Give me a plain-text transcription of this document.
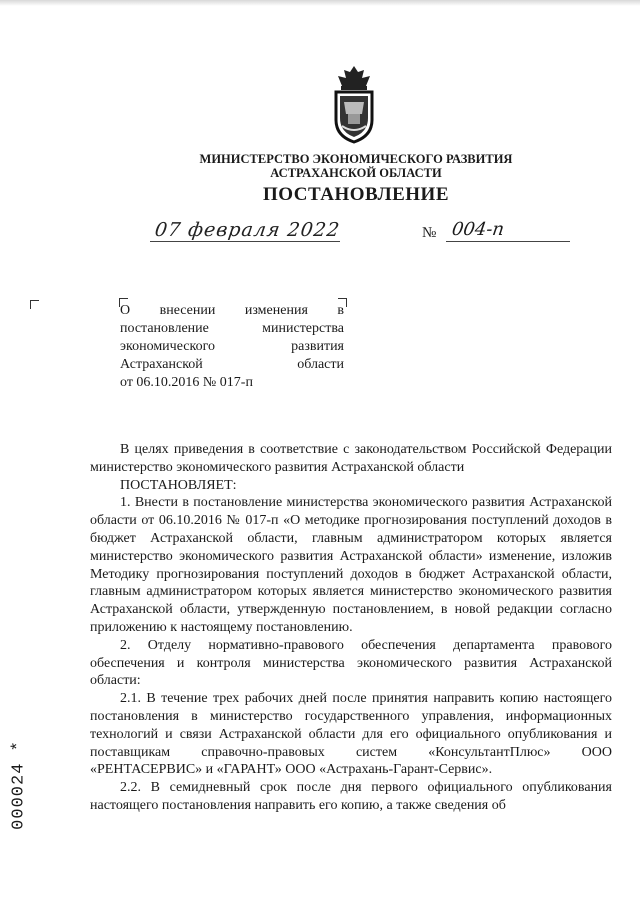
МИНИСТЕРСТВО ЭКОНОМИЧЕСКОГО РАЗВИТИЯ
АСТРАХАНСКОЙ ОБЛАСТИ
ПОСТАНОВЛЕНИЕ
07 февраля 2022	№ 004-п
О внесении изменения в
постановление министерства
экономического развития
Астраханской области
от 06.10.2016 № 017-п

В целях приведения в соответствие с законодательством Российской Федерации министерство экономического развития Астраханской области

ПОСТАНОВЛЯЕТ:

1. Внести в постановление министерства экономического развития Астраханской области от 06.10.2016 № 017-п «О методике прогнозирования поступлений доходов в бюджет Астраханской области, главным администратором которых является министерство экономического развития Астраханской области» изменение, изложив Методику прогнозирования поступлений доходов в бюджет Астраханской области, главным администратором которых является министерство экономического развития Астраханской области, утвержденную постановлением, в новой редакции согласно приложению к настоящему постановлению.

2. Отделу нормативно-правового обеспечения департамента правового обеспечения и контроля министерства экономического развития Астраханской области:

2.1. В течение трех рабочих дней после принятия направить копию настоящего постановления в министерство государственного управления, информационных технологий и связи Астраханской области для его официального опубликования и поставщикам справочно-правовых систем «КонсультантПлюс» ООО «РЕНТАСЕРВИС» и «ГАРАНТ» ООО «Астрахань-Гарант-Сервис».

2.2. В семидневный срок после дня первого официального опубликования настоящего постановления направить его копию, а также сведения об

000024 *
